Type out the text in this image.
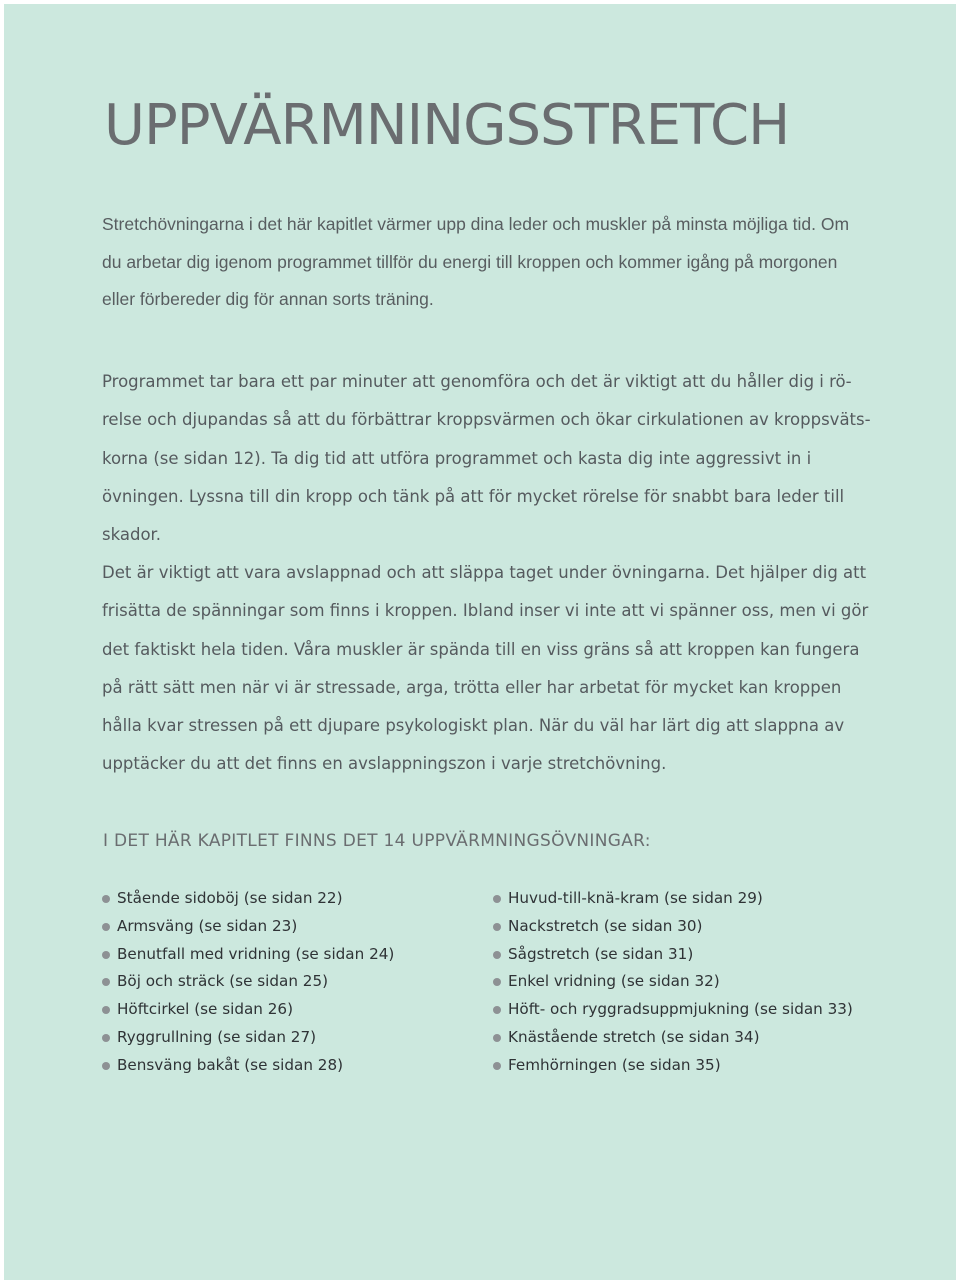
UPPVÄRMNINGSSTRETCH

Stretchövningarna i det här kapitlet värmer upp dina leder och muskler på minsta möjliga tid. Om du arbetar dig igenom programmet tillför du energi till kroppen och kommer igång på morgonen eller förbereder dig för annan sorts träning.

Programmet tar bara ett par minuter att genomföra och det är viktigt att du håller dig i rörelse och djupandas så att du förbättrar kroppsvärmen och ökar cirkulationen av kroppsvätskorna (se sidan 12). Ta dig tid att utföra programmet och kasta dig inte aggressivt in i övningen. Lyssna till din kropp och tänk på att för mycket rörelse för snabbt bara leder till skador.

Det är viktigt att vara avslappnad och att släppa taget under övningarna. Det hjälper dig att frisätta de spänningar som finns i kroppen. Ibland inser vi inte att vi spänner oss, men vi gör det faktiskt hela tiden. Våra muskler är spända till en viss gräns så att kroppen kan fungera på rätt sätt men när vi är stressade, arga, trötta eller har arbetat för mycket kan kroppen hålla kvar stressen på ett djupare psykologiskt plan. När du väl har lärt dig att slappna av upptäcker du att det finns en avslappningszon i varje stretchövning.

I DET HÄR KAPITLET FINNS DET 14 UPPVÄRMNINGSÖVNINGAR:
Stående sidoböj (se sidan 22)
Armsväng (se sidan 23)
Benutfall med vridning (se sidan 24)
Böj och sträck (se sidan 25)
Höftcirkel (se sidan 26)
Ryggrullning (se sidan 27)
Bensväng bakåt (se sidan 28)
Huvud-till-knä-kram (se sidan 29)
Nackstretch (se sidan 30)
Sågstretch (se sidan 31)
Enkel vridning (se sidan 32)
Höft- och ryggradsuppmjukning (se sidan 33)
Knästående stretch (se sidan 34)
Femhörningen (se sidan 35)
